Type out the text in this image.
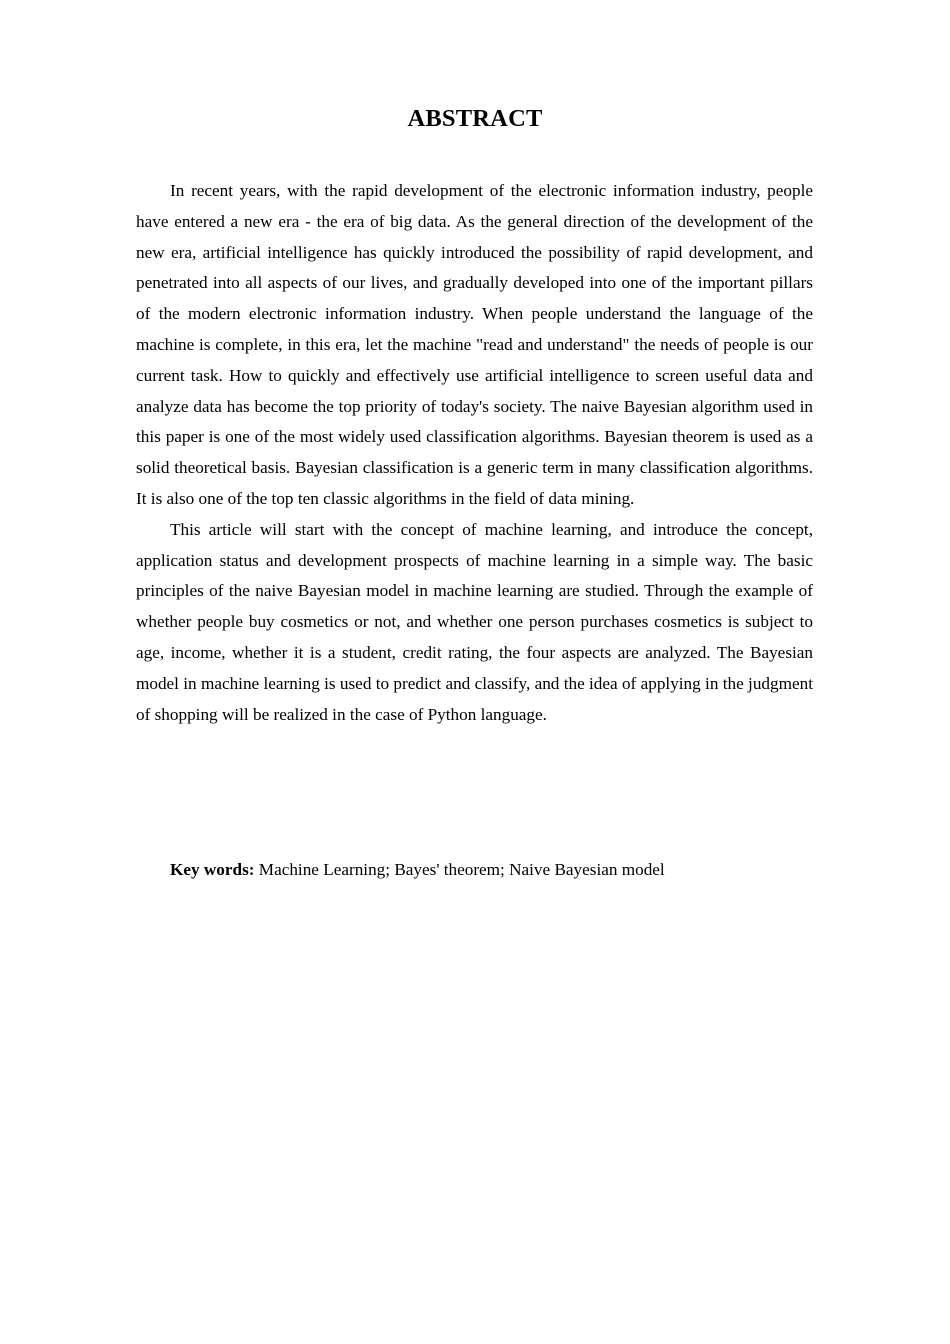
ABSTRACT

In recent years, with the rapid development of the electronic information industry, people have entered a new era - the era of big data. As the general direction of the development of the new era, artificial intelligence has quickly introduced the possibility of rapid development, and penetrated into all aspects of our lives, and gradually developed into one of the important pillars of the modern electronic information industry. When people understand the language of the machine is complete, in this era, let the machine "read and understand" the needs of people is our current task. How to quickly and effectively use artificial intelligence to screen useful data and analyze data has become the top priority of today's society. The naive Bayesian algorithm used in this paper is one of the most widely used classification algorithms. Bayesian theorem is used as a solid theoretical basis. Bayesian classification is a generic term in many classification algorithms. It is also one of the top ten classic algorithms in the field of data mining.

This article will start with the concept of machine learning, and introduce the concept, application status and development prospects of machine learning in a simple way. The basic principles of the naive Bayesian model in machine learning are studied. Through the example of whether people buy cosmetics or not, and whether one person purchases cosmetics is subject to age, income, whether it is a student, credit rating, the four aspects are analyzed. The Bayesian model in machine learning is used to predict and classify, and the idea of applying in the judgment of shopping will be realized in the case of Python language.

Key words: Machine Learning; Bayes' theorem; Naive Bayesian model
